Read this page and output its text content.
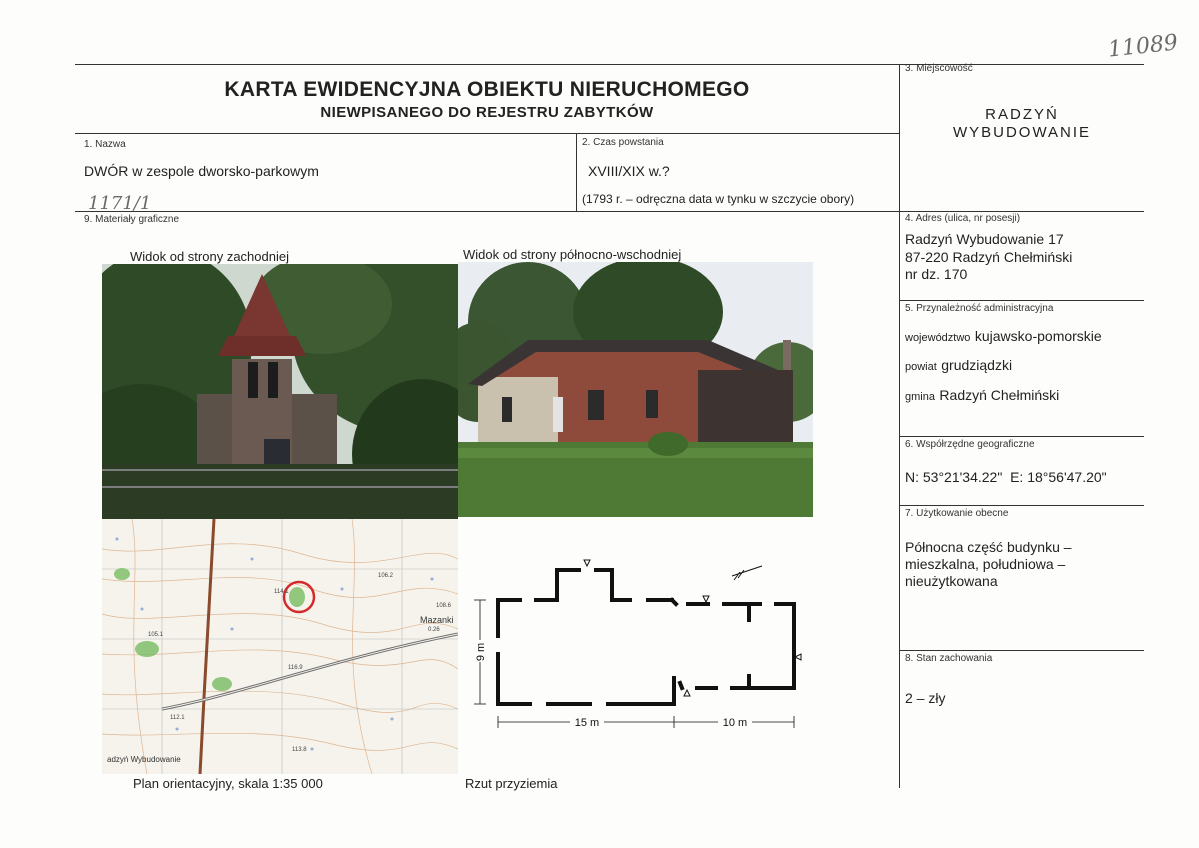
11089
KARTA EWIDENCYJNA OBIEKTU NIERUCHOMEGO
NIEWPISANEGO DO REJESTRU ZABYTKÓW
1. Nazwa
DWÓR w zespole dworsko-parkowym
1171/1
2. Czas powstania
XVIII/XIX w.?
(1793 r. – odręczna data w tynku w szczycie obory)
3. Miejscowość
RADZYŃ
WYBUDOWANIE
4. Adres (ulica, nr posesji)
Radzyń Wybudowanie 17
87-220 Radzyń Chełmiński
nr dz. 170
5. Przynależność administracyjna
województwo kujawsko-pomorskie
powiat grudziądzki
gmina Radzyń Chełmiński
6. Współrzędne geograficzne
N: 53°21'34.22"  E: 18°56'47.20"
7. Użytkowanie obecne
Północna część budynku –
mieszkalna, południowa –
nieużytkowana
8. Stan zachowania
2 – zły
9. Materiały graficzne
Widok od strony zachodniej	Widok od strony północno-wschodniej
Plan orientacyjny, skala 1:35 000	Rzut przyziemia
adzyń Wybudowanie
Mazanki
105.1
108.6
114.1
116.9
112.1
113.8
106.2
0.26
15 m	10 m
9 m
